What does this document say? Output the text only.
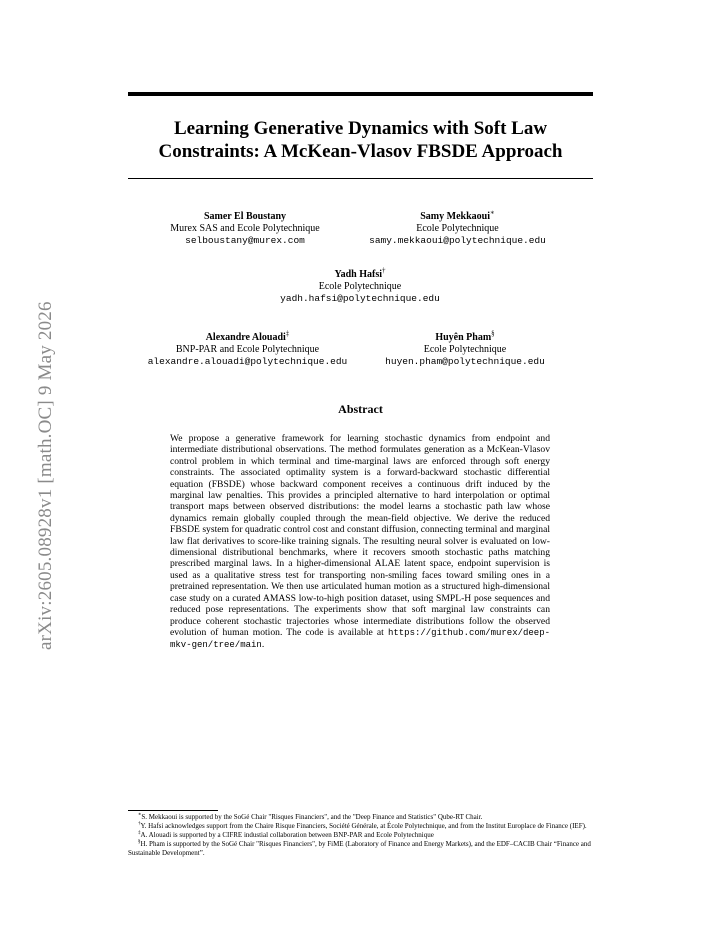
arXiv:2605.08928v1 [math.OC] 9 May 2026
Learning Generative Dynamics with Soft Law Constraints: A McKean-Vlasov FBSDE Approach
Samer El Boustany
Murex SAS and Ecole Polytechnique
selboustany@murex.com
Samy Mekkaoui∗
Ecole Polytechnique
samy.mekkaoui@polytechnique.edu
Yadh Hafsi†
Ecole Polytechnique
yadh.hafsi@polytechnique.edu
Alexandre Alouadi‡
BNP-PAR and Ecole Polytechnique
alexandre.alouadi@polytechnique.edu
Huyên Pham§
Ecole Polytechnique
huyen.pham@polytechnique.edu
Abstract
We propose a generative framework for learning stochastic dynamics from endpoint and intermediate distributional observations. The method formulates generation as a McKean-Vlasov control problem in which terminal and time-marginal laws are enforced through soft energy constraints. The associated optimality system is a forward-backward stochastic differential equation (FBSDE) whose backward component receives a continuous drift induced by the marginal law penalties. This provides a principled alternative to hard interpolation or optimal transport maps between observed distributions: the model learns a stochastic path law whose dynamics remain globally coupled through the mean-field objective. We derive the reduced FBSDE system for quadratic control cost and constant diffusion, connecting terminal and marginal law flat derivatives to score-like training signals. The resulting neural solver is evaluated on low-dimensional distributional benchmarks, where it recovers smooth stochastic paths matching prescribed marginal laws. In a higher-dimensional ALAE latent space, endpoint supervision is used as a qualitative stress test for transporting non-smiling faces toward smiling ones in a pretrained representation. We then use articulated human motion as a structured high-dimensional case study on a curated AMASS low-to-high position dataset, using SMPL-H pose sequences and reduced pose representations. The experiments show that soft marginal law constraints can produce coherent stochastic trajectories whose intermediate distributions follow the observed evolution of human motion. The code is available at https://github.com/murex/deep-mkv-gen/tree/main.

∗S. Mekkaoui is supported by the SoGé Chair "Risques Financiers", and the "Deep Finance and Statistics" Qube-RT Chair.

†Y. Hafsi acknowledges support from the Chaire Risque Financiers, Société Générale, at École Polytechnique, and from the Institut Europlace de Finance (IEF).

‡A. Alouadi is supported by a CIFRE industial collaboration between BNP-PAR and Ecole Polytechnique

§H. Pham is supported by the SoGé Chair "Risques Financiers", by FiME (Laboratory of Finance and Energy Markets), and the EDF–CACIB Chair “Finance and Sustainable Development”.
